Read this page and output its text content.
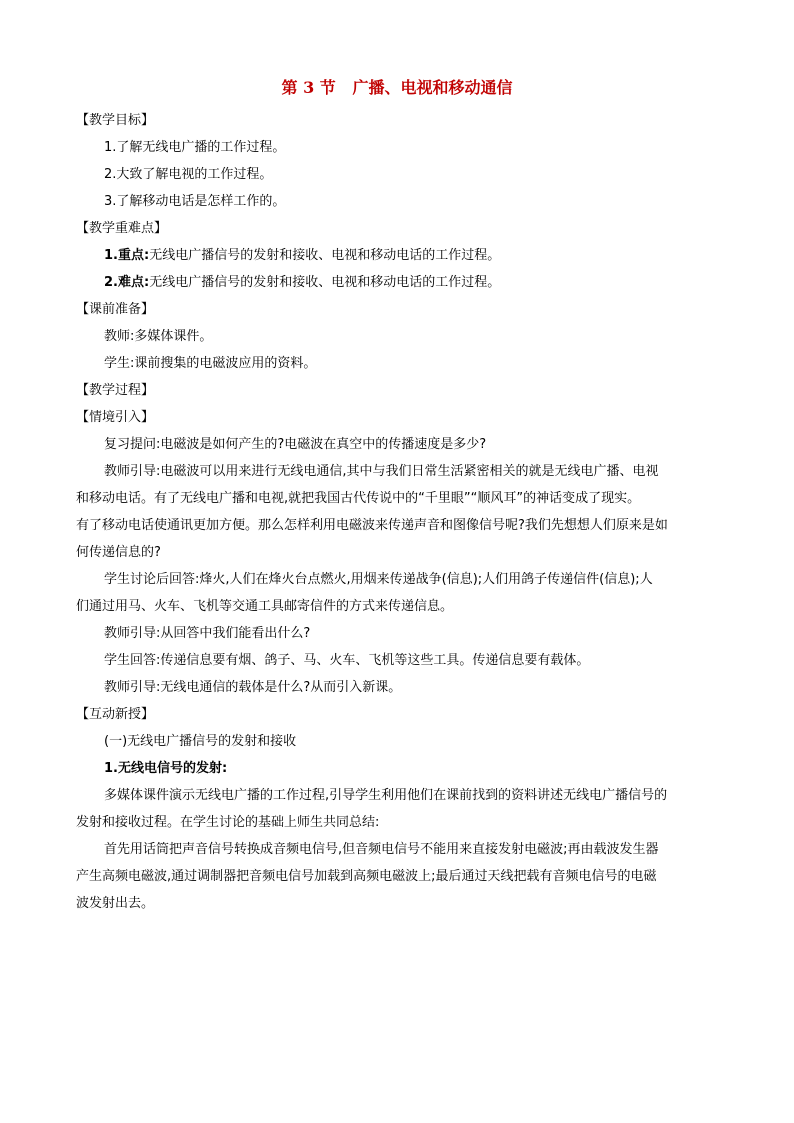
第 3 节   广播、电视和移动通信
【教学目标】
1.了解无线电广播的工作过程。
2.大致了解电视的工作过程。
3.了解移动电话是怎样工作的。
【教学重难点】
1.重点:无线电广播信号的发射和接收、电视和移动电话的工作过程。
2.难点:无线电广播信号的发射和接收、电视和移动电话的工作过程。
【课前准备】
教师:多媒体课件。
学生:课前搜集的电磁波应用的资料。
【教学过程】
【情境引入】
复习提问:电磁波是如何产生的?电磁波在真空中的传播速度是多少?
教师引导:电磁波可以用来进行无线电通信,其中与我们日常生活紧密相关的就是无线电广播、电视
和移动电话。有了无线电广播和电视,就把我国古代传说中的“千里眼”“顺风耳”的神话变成了现实。
有了移动电话使通讯更加方便。那么怎样利用电磁波来传递声音和图像信号呢?我们先想想人们原来是如
何传递信息的?
学生讨论后回答:烽火,人们在烽火台点燃火,用烟来传递战争(信息);人们用鸽子传递信件(信息);人
们通过用马、火车、飞机等交通工具邮寄信件的方式来传递信息。
教师引导:从回答中我们能看出什么?
学生回答:传递信息要有烟、鸽子、马、火车、飞机等这些工具。传递信息要有载体。
教师引导:无线电通信的载体是什么?从而引入新课。
【互动新授】
(一)无线电广播信号的发射和接收
1.无线电信号的发射:
多媒体课件演示无线电广播的工作过程,引导学生利用他们在课前找到的资料讲述无线电广播信号的
发射和接收过程。在学生讨论的基础上师生共同总结:
首先用话筒把声音信号转换成音频电信号,但音频电信号不能用来直接发射电磁波;再由载波发生器
产生高频电磁波,通过调制器把音频电信号加载到高频电磁波上;最后通过天线把载有音频电信号的电磁
波发射出去。
